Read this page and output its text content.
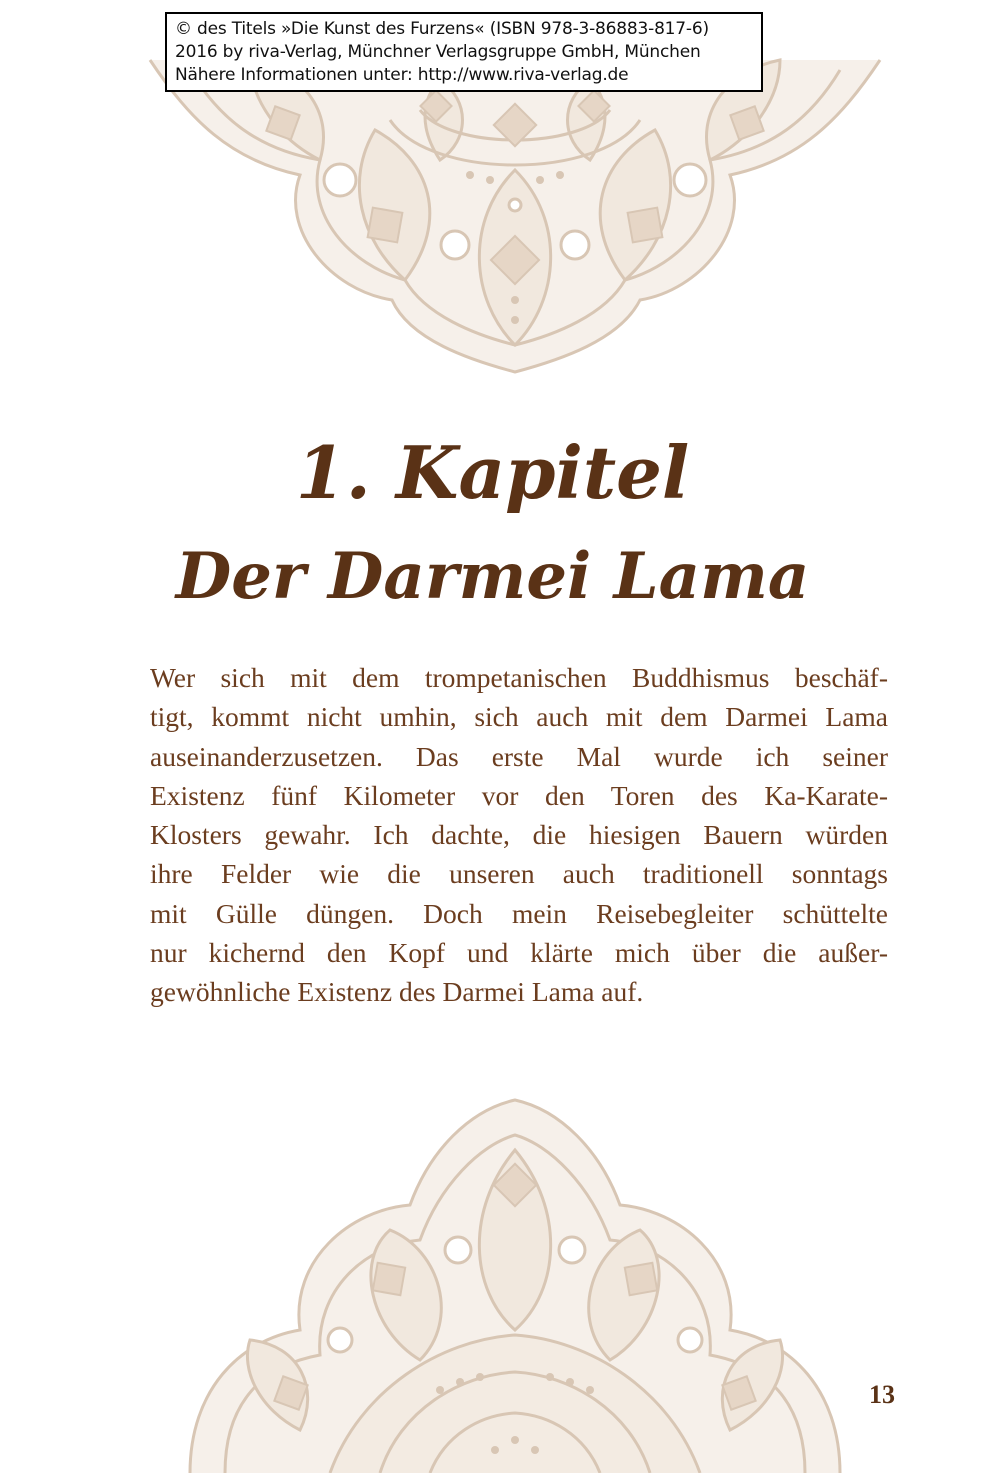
© des Titels »Die Kunst des Furzens« (ISBN 978-3-86883-817-6)
2016 by riva-Verlag, Münchner Verlagsgruppe GmbH, München
Nähere Informationen unter: http://www.riva-verlag.de
1. Kapitel
Der Darmei Lama
Wer sich mit dem trompetanischen Buddhismus beschäf-
tigt, kommt nicht umhin, sich auch mit dem Darmei Lama
auseinanderzusetzen. Das erste Mal wurde ich seiner
Existenz fünf Kilometer vor den Toren des Ka-Karate-
Klosters gewahr. Ich dachte, die hiesigen Bauern würden
ihre Felder wie die unseren auch traditionell sonntags
mit Gülle düngen. Doch mein Reisebegleiter schüttelte
nur kichernd den Kopf und klärte mich über die außer-
gewöhnliche Existenz des Darmei Lama auf.
13
